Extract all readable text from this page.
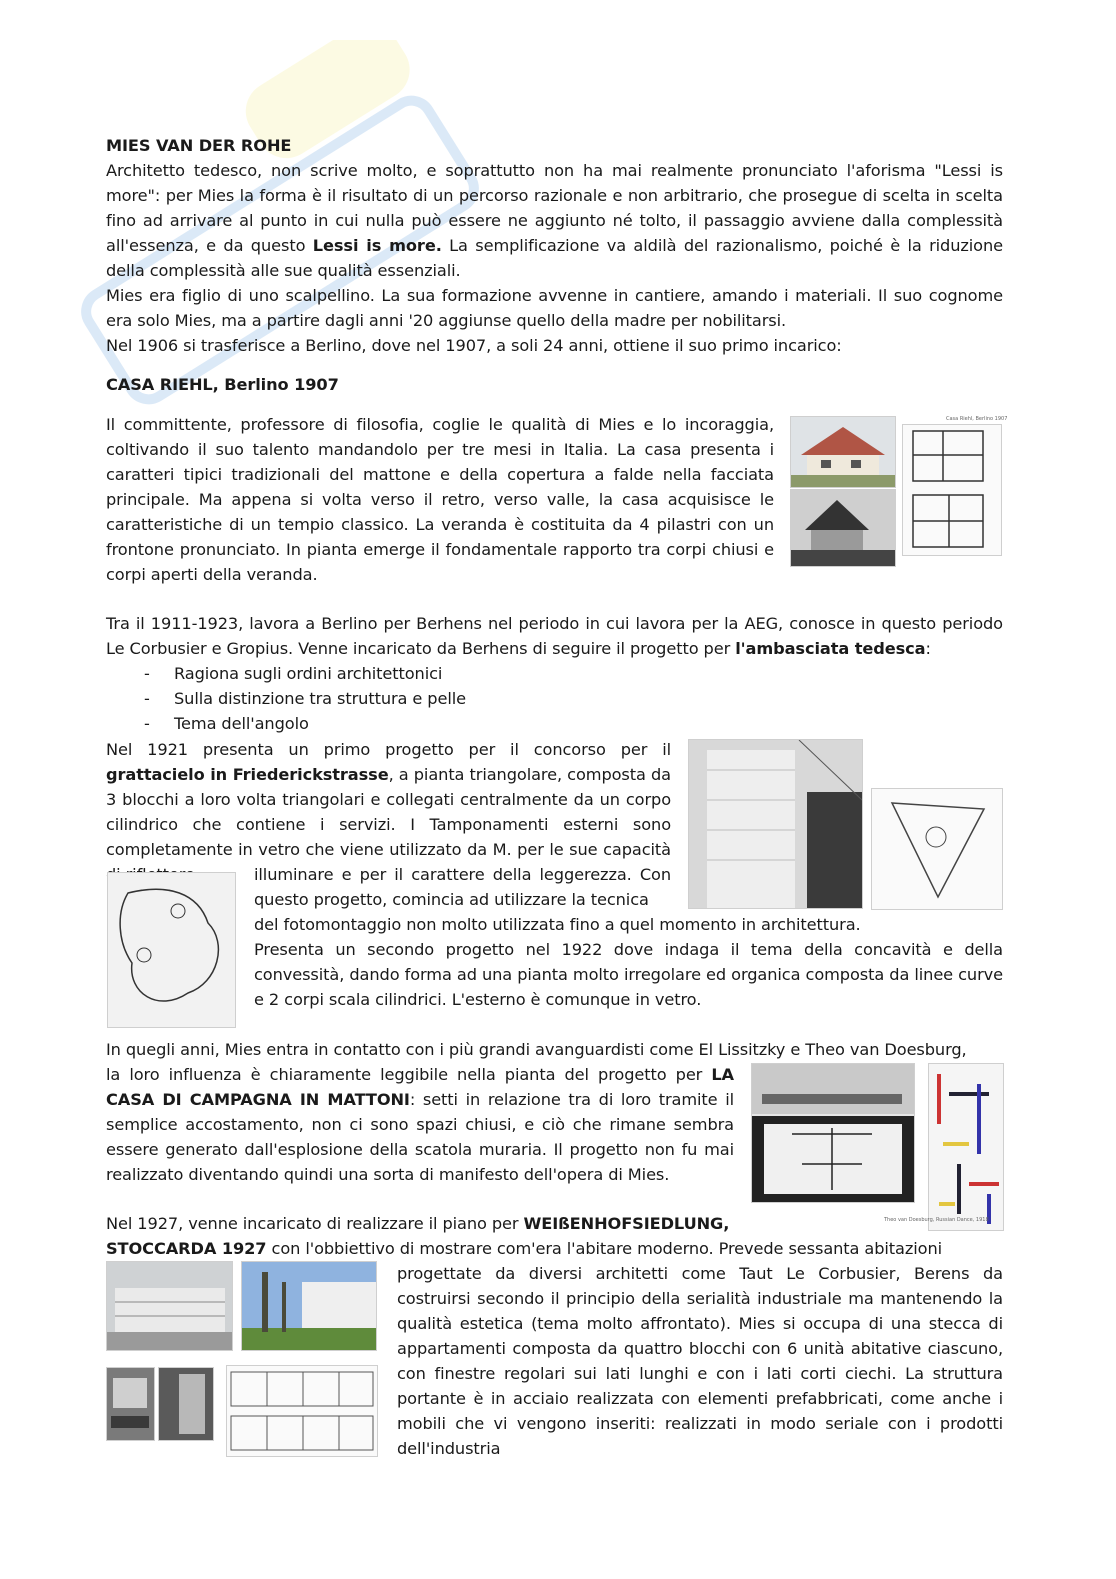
MIES VAN DER ROHE
Architetto tedesco, non scrive molto, e soprattutto non ha mai realmente pronunciato l'aforisma "Lessi is more": per Mies la forma è il risultato di un percorso razionale e non arbitrario, che prosegue di scelta in scelta fino ad arrivare al punto in cui nulla può essere ne aggiunto né tolto, il passaggio avviene dalla complessità all'essenza, e da questo Lessi is more. La semplificazione va aldilà del razionalismo, poiché è la riduzione della complessità alle sue qualità essenziali.
Mies era figlio di uno scalpellino. La sua formazione avvenne in cantiere, amando i materiali. Il suo cognome era solo Mies, ma a partire dagli anni '20 aggiunse quello della madre per nobilitarsi.
Nel 1906 si trasferisce a Berlino, dove nel 1907, a soli 24 anni, ottiene il suo primo incarico:
CASA RIEHL, Berlino 1907
Il committente, professore di filosofia, coglie le qualità di Mies e lo incoraggia, coltivando il suo talento mandandolo per tre mesi in Italia. La casa presenta i caratteri tipici tradizionali del mattone e della copertura a falde nella facciata principale. Ma appena si volta verso il retro, verso valle, la casa acquisisce le caratteristiche di un tempio classico. La veranda è costituita da 4 pilastri con un frontone pronunciato. In pianta emerge il fondamentale rapporto tra corpi chiusi e corpi aperti della veranda.
Casa Riehl, Berlino 1907
Tra il 1911-1923, lavora a Berlino per Berhens nel periodo in cui lavora per la AEG, conosce in questo periodo Le Corbusier e Gropius. Venne incaricato da Berhens di seguire il progetto per l'ambasciata tedesca:
- Ragiona sugli ordini architettonici
- Sulla distinzione tra struttura e pelle
- Tema dell'angolo
Nel 1921 presenta un primo progetto per il concorso per il grattacielo in Friederickstrasse, a pianta triangolare, composta da 3 blocchi a loro volta triangolari e collegati centralmente da un corpo cilindrico che contiene i servizi. I Tamponamenti esterni sono completamente in vetro che viene utilizzato da M. per le sue capacità
illuminare e per il carattere della leggerezza. Con questo progetto, comincia ad utilizzare la tecnica
del fotomontaggio non molto utilizzata fino a quel momento in architettura.
Presenta un secondo progetto nel 1922 dove indaga il tema della concavità e della convessità, dando forma ad una pianta molto irregolare ed organica composta da linee curve e 2 corpi scala cilindrici. L'esterno è comunque in vetro.
In quegli anni, Mies entra in contatto con i più grandi avanguardisti come El Lissitzky e Theo van Doesburg,
la loro influenza è chiaramente leggibile nella pianta del progetto per LA CASA DI CAMPAGNA IN MATTONI: setti in relazione tra di loro tramite il semplice accostamento, non ci sono spazi chiusi, e ciò che rimane sembra essere generato dall'esplosione della scatola muraria. Il progetto non fu mai realizzato diventando quindi una sorta di manifesto dell'opera di Mies.
Theo van Doesburg, Russian Dance, 1918
Nel 1927, venne incaricato di realizzare il piano per WEIßENHOFSIEDLUNG,
STOCCARDA 1927 con l'obbiettivo di mostrare com'era l'abitare moderno. Prevede sessanta abitazioni
progettate da diversi architetti come Taut Le Corbusier, Berens da costruirsi secondo il principio della serialità industriale ma mantenendo la qualità estetica (tema molto affrontato). Mies si occupa di una stecca di appartamenti composta da quattro blocchi con 6 unità abitative ciascuno, con finestre regolari sui lati lunghi e con i lati corti ciechi. La struttura portante è in acciaio realizzata con elementi prefabbricati, come anche i mobili che vi vengono inseriti: realizzati in modo seriale con i prodotti dell'industria
